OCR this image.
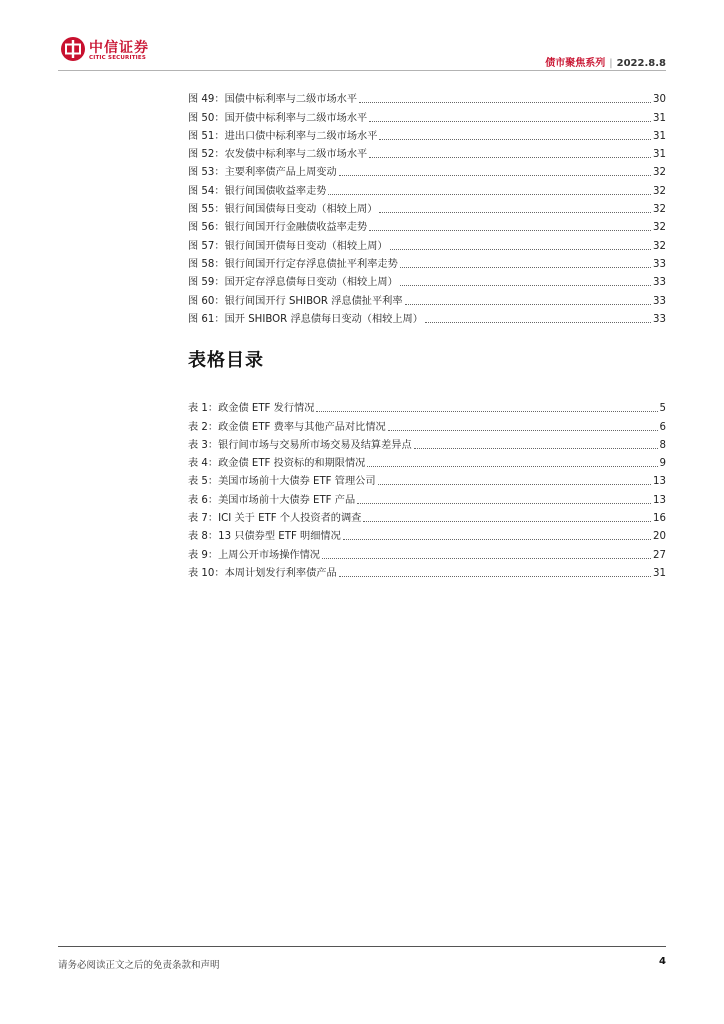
中信证券
CITIC SECURITIES	债市聚焦系列 | 2022.8.8
图 49：国债中标利率与二级市场水平	30
图 50：国开债中标利率与二级市场水平	31
图 51：进出口债中标利率与二级市场水平	31
图 52：农发债中标利率与二级市场水平	31
图 53：主要利率债产品上周变动	32
图 54：银行间国债收益率走势	32
图 55：银行间国债每日变动（相较上周）	32
图 56：银行间国开行金融债收益率走势	32
图 57：银行间国开债每日变动（相较上周）	32
图 58：银行间国开行定存浮息债扯平利率走势	33
图 59：国开定存浮息债每日变动（相较上周）	33
图 60：银行间国开行 SHIBOR 浮息债扯平利率	33
图 61：国开 SHIBOR 浮息债每日变动（相较上周）	33
表格目录
表 1：政金债 ETF 发行情况	5
表 2：政金债 ETF 费率与其他产品对比情况	6
表 3：银行间市场与交易所市场交易及结算差异点	8
表 4：政金债 ETF 投资标的和期限情况	9
表 5：美国市场前十大债券 ETF 管理公司	13
表 6：美国市场前十大债券 ETF 产品	13
表 7：ICI 关于 ETF 个人投资者的调查	16
表 8：13 只债券型 ETF 明细情况	20
表 9：上周公开市场操作情况	27
表 10：本周计划发行利率债产品	31
请务必阅读正文之后的免责条款和声明	4
